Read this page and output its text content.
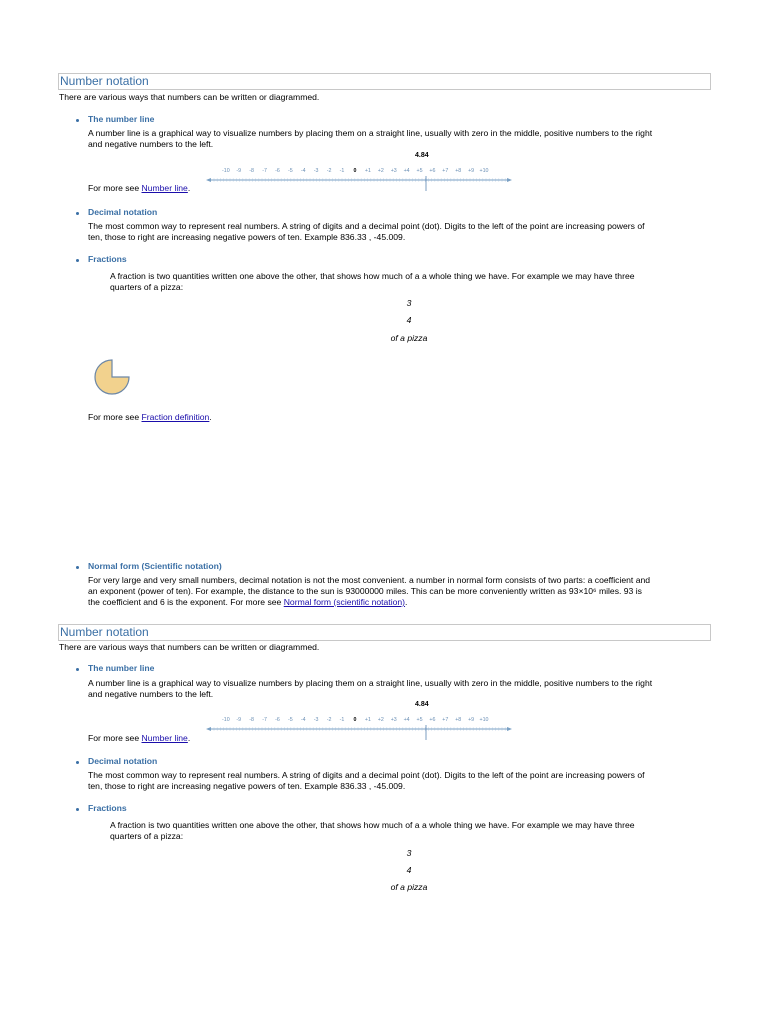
Number notation
There are various ways that numbers can be written or diagrammed.
The number line
A number line is a graphical way to visualize numbers by placing them on a straight line, usually with zero in the middle, positive numbers to the right
and negative numbers to the left.
4.84
-10 -9 -8 -7 -6 -5 -4 -3 -2 -1 0 +1 +2 +3 +4 +5 +6 +7 +8 +9 +10
For more see Number line.
Decimal notation
The most common way to represent real numbers. A string of digits and a decimal point (dot). Digits to the left of the point are increasing powers of
ten, those to right are increasing negative powers of ten. Example 836.33 , -45.009.
Fractions
A fraction is two quantities written one above the other, that shows how much of a a whole thing we have. For example we may have three
quarters of a pizza:
3
4
of a pizza
For more see Fraction definition.
Normal form (Scientific notation)
For very large and very small numbers, decimal notation is not the most convenient. a number in normal form consists of two parts: a coefficient and
an exponent (power of ten). For example, the distance to the sun is 93000000 miles. This can be more conveniently written as 93×10⁶ miles. 93 is
the coefficient and 6 is the exponent. For more see Normal form (scientific notation).
Number notation
There are various ways that numbers can be written or diagrammed.
The number line
A number line is a graphical way to visualize numbers by placing them on a straight line, usually with zero in the middle, positive numbers to the right
and negative numbers to the left.
4.84
-10 -9 -8 -7 -6 -5 -4 -3 -2 -1 0 +1 +2 +3 +4 +5 +6 +7 +8 +9 +10
For more see Number line.
Decimal notation
The most common way to represent real numbers. A string of digits and a decimal point (dot). Digits to the left of the point are increasing powers of
ten, those to right are increasing negative powers of ten. Example 836.33 , -45.009.
Fractions
A fraction is two quantities written one above the other, that shows how much of a a whole thing we have. For example we may have three
quarters of a pizza:
3
4
of a pizza
